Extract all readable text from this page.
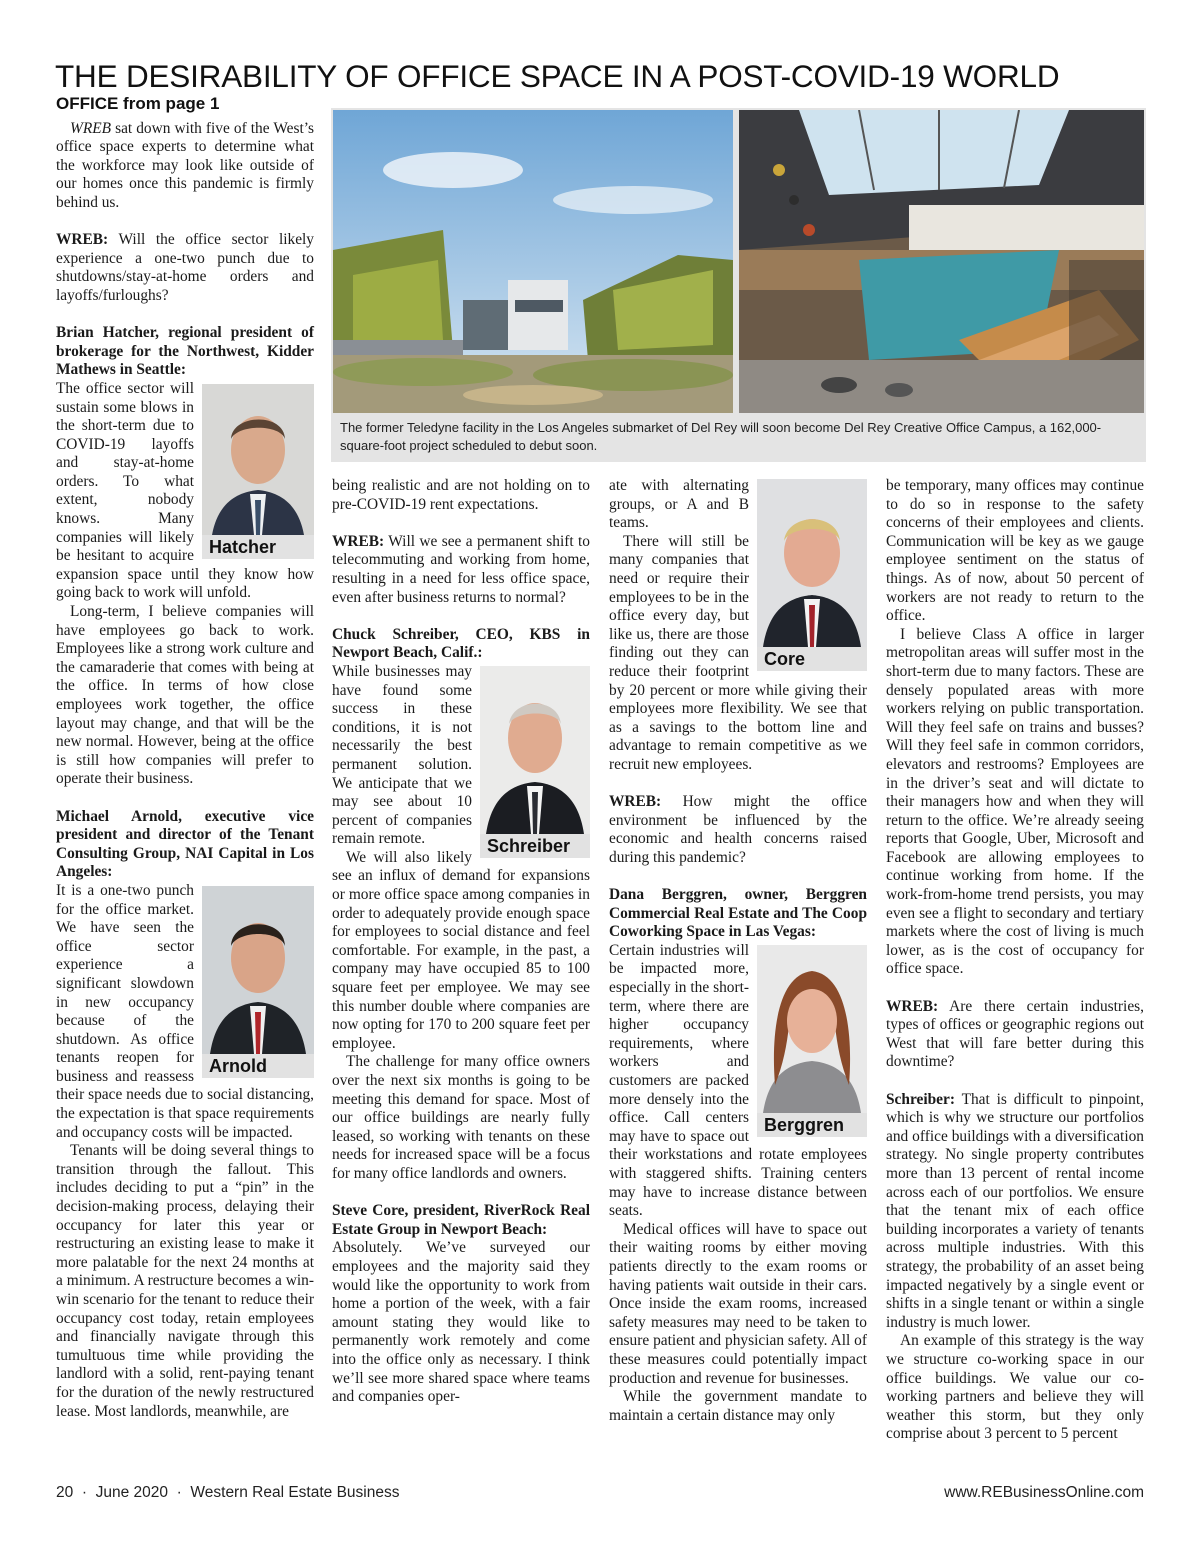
THE DESIRABILITY OF OFFICE SPACE IN A POST-COVID-19 WORLD
The former Teledyne facility in the Los Angeles submarket of Del Rey will soon become Del Rey Creative Office Campus, a 162,000-square-foot project scheduled to debut soon.
OFFICE from page 1

WREB sat down with five of the West’s office space experts to determine what the workforce may look like outside of our homes once this pandemic is firmly behind us.

WREB: Will the office sector likely experience a one-two punch due to shutdowns/stay-at-home orders and layoffs/furloughs?

Brian Hatcher, regional president of brokerage for the Northwest, Kidder Mathews in Seattle:

Hatcher

The office sector will sustain some blows in the short-term due to COVID-19 layoffs and stay-at-home orders. To what extent, nobody knows. Many companies will likely be hesitant to acquire expansion space until they know how going back to work will unfold.

Long-term, I believe companies will have employees go back to work. Employees like a strong work culture and the camaraderie that comes with being at the office. In terms of how close employees work together, the office layout may change, and that will be the new normal. However, being at the office is still how companies will prefer to operate their business.

Michael Arnold, executive vice president and director of the Tenant Consulting Group, NAI Capital in Los Angeles:

Arnold

It is a one-two punch for the office market. We have seen the office sector experience a significant slowdown in new occupancy because of the shutdown. As office tenants reopen for business and reassess their space needs due to social distancing, the expectation is that space requirements and occupancy costs will be impacted.

Tenants will be doing several things to transition through the fallout. This includes deciding to put a “pin” in the decision-making process, delaying their occupancy for later this year or restructuring an existing lease to make it more palatable for the next 24 months at a minimum. A restructure becomes a win-win scenario for the tenant to reduce their occupancy cost today, retain employees and financially navigate through this tumultuous time while providing the landlord with a solid, rent-paying tenant for the duration of the newly restructured lease. Most landlords, meanwhile, are

being realistic and are not holding on to pre-COVID-19 rent expectations.

WREB: Will we see a permanent shift to telecommuting and working from home, resulting in a need for less office space, even after business returns to normal?

Chuck Schreiber, CEO, KBS in Newport Beach, Calif.:

Schreiber

While businesses may have found some success in these conditions, it is not necessarily the best permanent solution. We anticipate that we may see about 10 percent of companies remain remote.

We will also likely see an influx of demand for expansions or more office space among companies in order to adequately provide enough space for employees to social distance and feel comfortable. For example, in the past, a company may have occupied 85 to 100 square feet per employee. We may see this number double where companies are now opting for 170 to 200 square feet per employee.

The challenge for many office owners over the next six months is going to be meeting this demand for space. Most of our office buildings are nearly fully leased, so working with tenants on these needs for increased space will be a focus for many office landlords and owners.

Steve Core, president, RiverRock Real Estate Group in Newport Beach:

Absolutely. We’ve surveyed our employees and the majority said they would like the opportunity to work from home a portion of the week, with a fair amount stating they would like to permanently work remotely and come into the office only as necessary. I think we’ll see more shared space where teams and companies oper-

Core

ate with alternating groups, or A and B teams.

There will still be many companies that need or require their employees to be in the office every day, but like us, there are those finding out they can reduce their footprint by 20 percent or more while giving their employees more flexibility. We see that as a savings to the bottom line and advantage to remain competitive as we recruit new employees.

WREB: How might the office environment be influenced by the economic and health concerns raised during this pandemic?

Dana Berggren, owner, Berggren Commercial Real Estate and The Coop Coworking Space in Las Vegas:

Berggren

Certain industries will be impacted more, especially in the short-term, where there are higher occupancy requirements, where workers and customers are packed more densely into the office. Call centers may have to space out their workstations and rotate employees with staggered shifts. Training centers may have to increase distance between seats.

Medical offices will have to space out their waiting rooms by either moving patients directly to the exam rooms or having patients wait outside in their cars. Once inside the exam rooms, increased safety measures may need to be taken to ensure patient and physician safety. All of these measures could potentially impact production and revenue for businesses.

While the government mandate to maintain a certain distance may only

be temporary, many offices may continue to do so in response to the safety concerns of their employees and clients. Communication will be key as we gauge employee sentiment on the status of things. As of now, about 50 percent of workers are not ready to return to the office.

I believe Class A office in larger metropolitan areas will suffer most in the short-term due to many factors. These are densely populated areas with more workers relying on public transportation. Will they feel safe on trains and busses? Will they feel safe in common corridors, elevators and restrooms? Employees are in the driver’s seat and will dictate to their managers how and when they will return to the office. We’re already seeing reports that Google, Uber, Microsoft and Facebook are allowing employees to continue working from home. If the work-from-home trend persists, you may even see a flight to secondary and tertiary markets where the cost of living is much lower, as is the cost of occupancy for office space.

WREB: Are there certain industries, types of offices or geographic regions out West that will fare better during this downtime?

Schreiber: That is difficult to pinpoint, which is why we structure our portfolios and office buildings with a diversification strategy. No single property contributes more than 13 percent of rental income across each of our portfolios. We ensure that the tenant mix of each office building incorporates a variety of tenants across multiple industries. With this strategy, the probability of an asset being impacted negatively by a single event or shifts in a single tenant or within a single industry is much lower.

An example of this strategy is the way we structure co-working space in our office buildings. We value our co-working partners and believe they will weather this storm, but they only comprise about 3 percent to 5 percent

20  ·  June 2020  ·  Western Real Estate Business	www.REBusinessOnline.com
